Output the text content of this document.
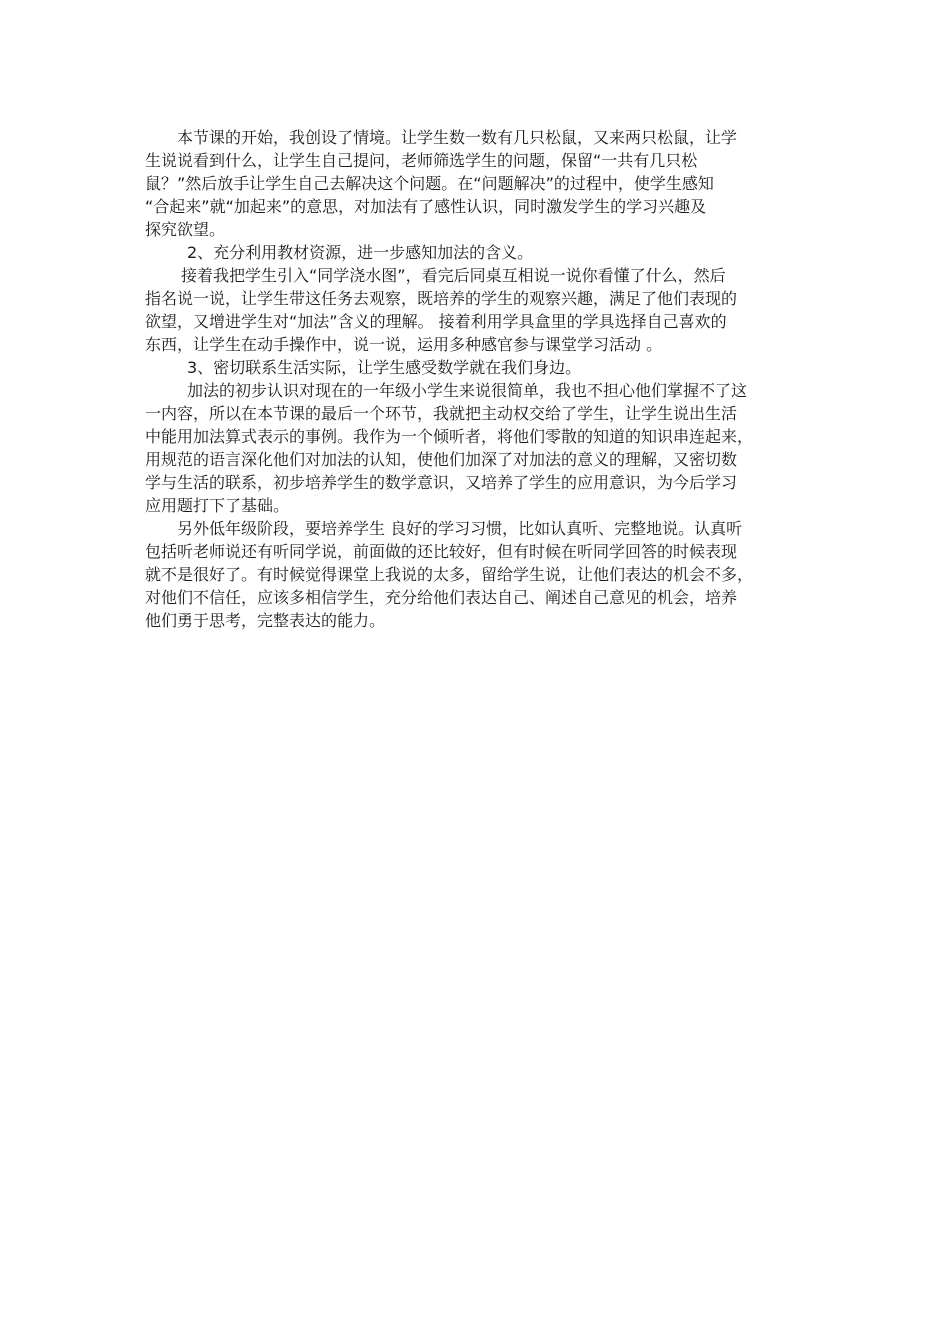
本节课的开始，我创设了情境。让学生数一数有几只松鼠，又来两只松鼠，让学
生说说看到什么，让学生自己提问，老师筛选学生的问题，保留“一共有几只松
鼠？”然后放手让学生自己去解决这个问题。在“问题解决”的过程中，使学生感知
“合起来”就“加起来”的意思，对加法有了感性认识，同时激发学生的学习兴趣及
探究欲望。
2、充分利用教材资源，进一步感知加法的含义。
接着我把学生引入“同学浇水图”，看完后同桌互相说一说你看懂了什么，然后
指名说一说，让学生带这任务去观察，既培养的学生的观察兴趣，满足了他们表现的
欲望，又增进学生对“加法”含义的理解。 接着利用学具盒里的学具选择自己喜欢的
东西，让学生在动手操作中，说一说，运用多种感官参与课堂学习活动 。
3、密切联系生活实际，让学生感受数学就在我们身边。
加法的初步认识对现在的一年级小学生来说很简单，我也不担心他们掌握不了这
一内容，所以在本节课的最后一个环节，我就把主动权交给了学生，让学生说出生活
中能用加法算式表示的事例。我作为一个倾听者，将他们零散的知道的知识串连起来，
用规范的语言深化他们对加法的认知，使他们加深了对加法的意义的理解，又密切数
学与生活的联系，初步培养学生的数学意识，又培养了学生的应用意识，为今后学习
应用题打下了基础。
另外低年级阶段，要培养学生 良好的学习习惯，比如认真听、完整地说。认真听
包括听老师说还有听同学说，前面做的还比较好，但有时候在听同学回答的时候表现
就不是很好了。有时候觉得课堂上我说的太多，留给学生说，让他们表达的机会不多，
对他们不信任，应该多相信学生，充分给他们表达自己、阐述自己意见的机会，培养
他们勇于思考，完整表达的能力。
